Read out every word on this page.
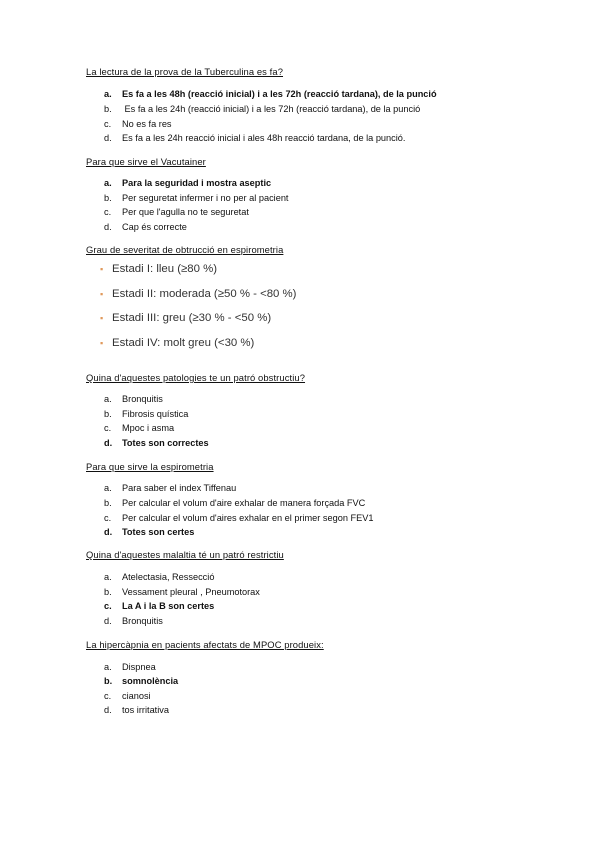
La lectura de la prova de la Tuberculina es fa?
a. Es fa a les 48h (reacció inicial) i a les 72h (reacció tardana), de la punció
b. Es fa a les 24h (reacció inicial) i a les 72h (reacció tardana), de la punció
c. No es fa res
d. Es fa a les 24h reacció inicial i ales 48h reacció tardana, de la punció.
Para que sirve el Vacutainer
a. Para la seguridad i mostra aseptic
b. Per seguretat infermer i no per al pacient
c. Per que l'agulla no te seguretat
d. Cap és correcte
Grau de severitat de obtrucció en espirometria
▪ Estadi I: lleu (≥80 %)
▪ Estadi II: moderada (≥50 % - <80 %)
▪ Estadi III: greu (≥30 % - <50 %)
▪ Estadi IV: molt greu (<30 %)
Quina d'aquestes patologies te un patró obstructiu?
a. Bronquitis
b. Fibrosis quística
c. Mpoc i asma
d. Totes son correctes
Para que sirve la espirometria
a. Para saber el index Tiffenau
b. Per calcular el volum d'aire exhalar de manera forçada FVC
c. Per calcular el volum d'aires exhalar en el primer segon FEV1
d. Totes son certes
Quina d'aquestes malaltia té un patró restrictiu
a. Atelectasia, Ressecció
b. Vessament pleural , Pneumotorax
c. La A i la B son certes
d. Bronquitis
La hipercàpnia en pacients afectats de MPOC produeix:
a. Dispnea
b. somnolència
c. cianosi
d. tos irritativa
